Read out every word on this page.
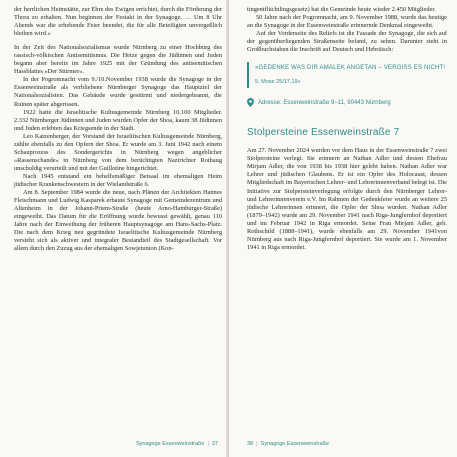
der herrlichen Heimstätte, zur Ehre des Ewigen errichtet, durch die Förderung der Thora zu erhalten. Nun beginnen der Festakt in der Synagoge. … Um 8 Uhr Abends war die erhebende Feier beendet, die für alle Beteiligten unvergeßlich bleiben wird.«

In der Zeit des Nationalsozialismus wurde Nürnberg zu einer Hochburg des rassisch-völkischen Antisemitismus. Die Hetze gegen die Jüdinnen und Juden begann aber bereits im Jahre 1925 mit der Gründung des antisemitischen Hassblattes »Der Stürmer«.

In der Pogromnacht vom 9./10.November 1938 wurde die Synagoge in der Essenweinstraße als verbliebene Nürnberger Synagoge das Hauptziel der Nationalsozialisten. Das Gebäude wurde gestürmt und niedergebrannt, die Ruinen später abgerissen.

1922 hatte die Israelitische Kultusgemeinde Nürnberg 10.100 Mitglieder. 2.332 Nürnberger Jüdinnen und Juden wurden Opfer der Shoa, kaum 38 Jüdinnen und Juden erlebten das Kriegsende in der Stadt.

Leo Katzenberger, der Vorstand der Israelitischen Kultusgemeinde Nürnberg, zählte ebenfalls zu den Opfern der Shoa. Er wurde am 3. Juni 1942 nach einem Schauprozess des Sondergerichts in Nürnberg wegen angeblicher »Rassenschande« in Nürnberg von dem berüchtigten Nazirichter Rothaug unschuldig verurteilt und mit der Guillotine hingerichtet.

Nach 1945 entstand ein behelfsmäßiger Betsaal im ehemaligen Heim jüdischer Krankenschwestern in der Wielandstraße 6.

Am 8. September 1984 wurde die neue, nach Plänen der Architekten Hannes Fleischmann und Ludwig Kasparek erbaute Synagoge mit Gemeindezentrum und Altenheim in der Johann-Priem-Straße (heute Arno-Hamburger-Straße) eingeweiht. Das Datum für die Eröffnung wurde bewusst gewählt, genau 110 Jahre nach der Einweihung der früheren Hauptsynagoge am Hans-Sachs-Platz. Die nach dem Krieg neu gegründete Israelitische Kultusgemeinde Nürnberg versteht sich als aktiver und integraler Bestandteil des Stadtgesellschaft. Vor allem durch den Zuzug aus der ehemaligen Sowjetunion (Kon-

Synagoge Essenweinstraße | 37

tingentflüchtlingsgesetz) hat die Gemeinde heute wieder 2.450 Mitglieder.

50 Jahre nach der Pogromnacht, am 9. November 1988, wurde das heutige an die Synagoge in der Essenweinstraße erinnernde Denkmal eingeweiht.

Auf der Vorderseite des Reliefs ist die Fassade der Synagoge, die sich auf der gegenüberliegenden Straßenseite befand, zu sehen. Darunter steht in Großbuchstaben die Inschrift auf Deutsch und Hebräisch:

»GEDENKE WAS DIR AMALEK ANGETAN – VERGISS ES NICHT!
5. Mose 25/17,19«
Adresse: Essenweinstraße 9–11, 90443 Nürnberg
Stolpersteine Essenweinstraße 7

Am 27. November 2024 wurden vor dem Haus in der Essenweinstraße 7 zwei Stolpersteine verlegt. Sie erinnern an Nathan Adler und dessen Ehefrau Mirjam Adler, die von 1938 bis 1938 hier gelebt haben. Nathan Adler war Lehrer und jüdischen Glaubens. Er ist ein Opfer des Holocaust, dessen Mitgliedschaft im Bayerischen Lehrer- und Lehrerinnenverband belegt ist. Die Initiative zur Stolpersteinverlegung erfolgte durch den Nürnberger Lehrer- und Lehrerinnenverein e.V. Im Rahmen der Gedenkfeier wurde an weitere 25 jüdische Lehrerinnen erinnert, die Opfer der Shoa wurden. Nathan Adler (1879–1942) wurde am 29. November 1941 nach Riga-Jungfernhof deportiert und im Februar 1942 in Riga ermordet. Seine Frau Mirjam Adler, geb. Rothschild (1888–1941), wurde ebenfalls am 29. November 1941von Nürnberg aus nach Riga-Jungfernhof deportiert. Sie wurde am 1. November 1941 in Riga ermordet.

38 | Synagoge Essenweinstraße
